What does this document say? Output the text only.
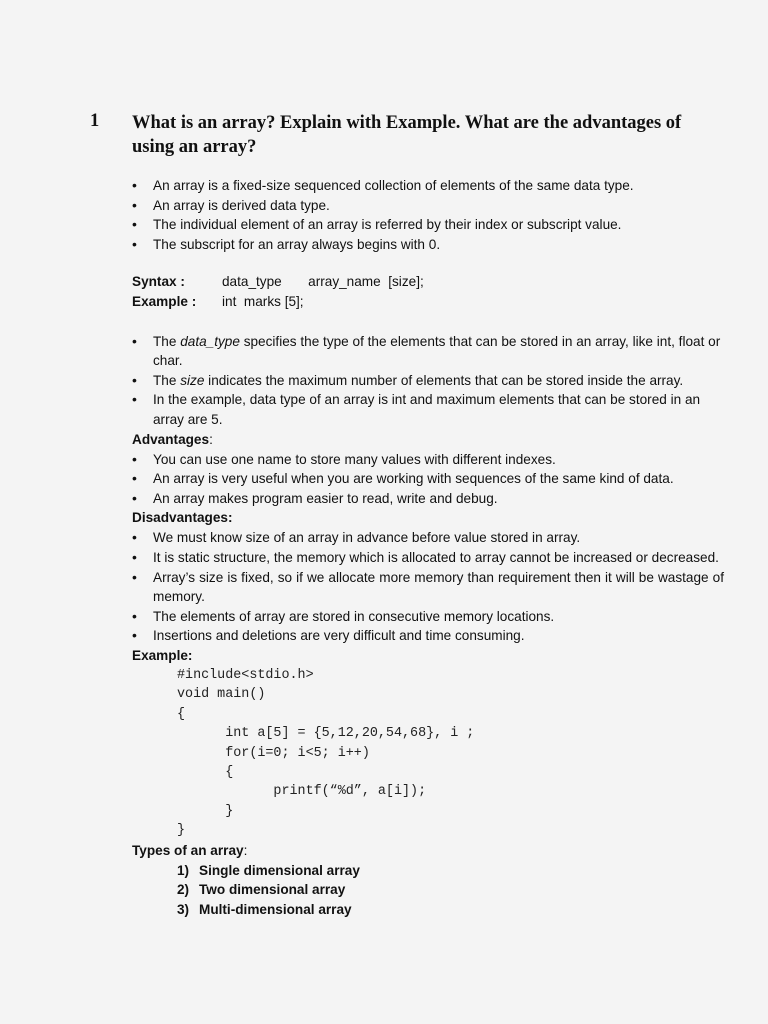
1 What is an array? Explain with Example. What are the advantages of using an array?
• An array is a fixed-size sequenced collection of elements of the same data type.
• An array is derived data type.
• The individual element of an array is referred by their index or subscript value.
• The subscript for an array always begins with 0.
Syntax :	data_type       array_name  [size];
Example :	int  marks [5];
• The data_type specifies the type of the elements that can be stored in an array, like int, float or char.
• The size indicates the maximum number of elements that can be stored inside the array.
• In the example, data type of an array is int and maximum elements that can be stored in an array are 5.
Advantages:
• You can use one name to store many values with different indexes.
• An array is very useful when you are working with sequences of the same kind of data.
• An array makes program easier to read, write and debug.
Disadvantages:
• We must know size of an array in advance before value stored in array.
• It is static structure, the memory which is allocated to array cannot be increased or decreased.
• Array’s size is fixed, so if we allocate more memory than requirement then it will be wastage of memory.
• The elements of array are stored in consecutive memory locations.
• Insertions and deletions are very difficult and time consuming.
Example:
#include<stdio.h>
void main()
{
int a[5] = {5,12,20,54,68}, i ;
for(i=0; i<5; i++)
{
printf(“%d”, a[i]);
}
}
Types of an array:
1) Single dimensional array
2) Two dimensional array
3) Multi-dimensional array
